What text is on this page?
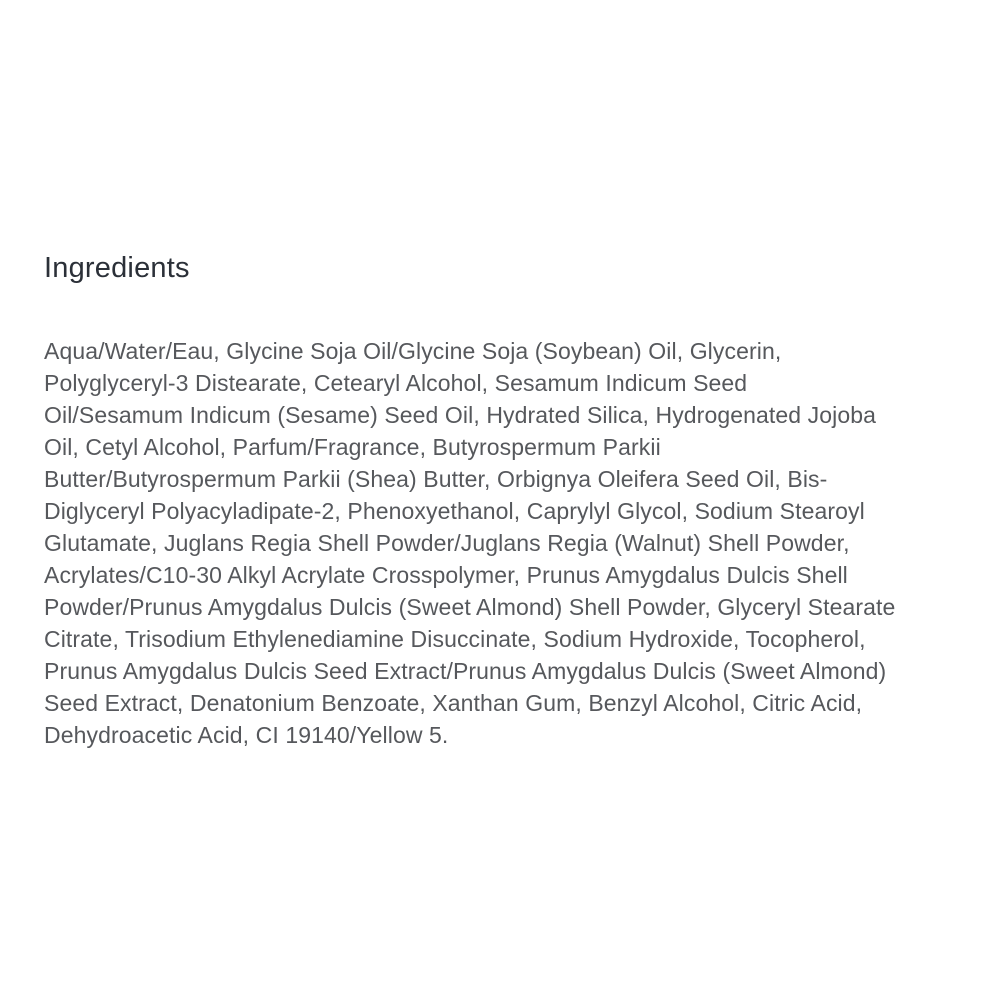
Ingredients
Aqua/Water/Eau, Glycine Soja Oil/Glycine Soja (Soybean) Oil, Glycerin,
Polyglyceryl-3 Distearate, Cetearyl Alcohol, Sesamum Indicum Seed
Oil/Sesamum Indicum (Sesame) Seed Oil, Hydrated Silica, Hydrogenated Jojoba
Oil, Cetyl Alcohol, Parfum/Fragrance, Butyrospermum Parkii
Butter/Butyrospermum Parkii (Shea) Butter, Orbignya Oleifera Seed Oil, Bis-
Diglyceryl Polyacyladipate-2, Phenoxyethanol, Caprylyl Glycol, Sodium Stearoyl
Glutamate, Juglans Regia Shell Powder/Juglans Regia (Walnut) Shell Powder,
Acrylates/C10-30 Alkyl Acrylate Crosspolymer, Prunus Amygdalus Dulcis Shell
Powder/Prunus Amygdalus Dulcis (Sweet Almond) Shell Powder, Glyceryl Stearate
Citrate, Trisodium Ethylenediamine Disuccinate, Sodium Hydroxide, Tocopherol,
Prunus Amygdalus Dulcis Seed Extract/Prunus Amygdalus Dulcis (Sweet Almond)
Seed Extract, Denatonium Benzoate, Xanthan Gum, Benzyl Alcohol, Citric Acid,
Dehydroacetic Acid, CI 19140/Yellow 5.
